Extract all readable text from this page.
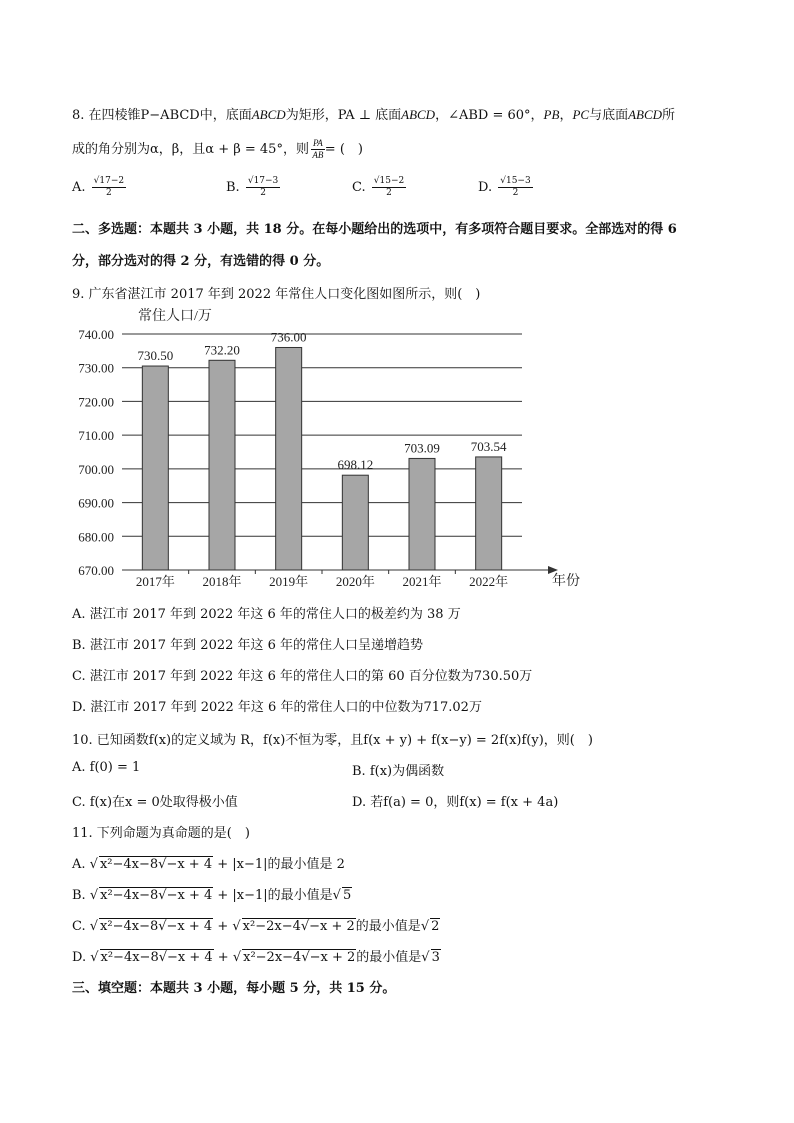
8. 在四棱锥P−ABCD中，底面ABCD为矩形，PA ⊥ 底面ABCD，∠ABD = 60°，PB，PC与底面ABCD所
成的角分别为α，β，且α + β = 45°，则 $\frac{PA}{AB}$ = (　)
A. $\frac{√17-2}{2}$	B. $\frac{√17-3}{2}$	C. $\frac{√15-2}{2}$	D. $\frac{√15-3}{2}$
二、多选题：本题共 3 小题，共 18 分。在每小题给出的选项中，有多项符合题目要求。全部选对的得 6
分，部分选对的得 2 分，有选错的得 0 分。
9. 广东省湛江市 2017 年到 2022 年常住人口变化图如图所示，则(　)
670.00
680.00
690.00
700.00
710.00
720.00
730.00
740.00
2017年 2018年 2019年 2020年 2021年 2022年
730.50 732.20
736.00
698.12
703.09 703.54
常住人口/万
年份
A. 湛江市 2017 年到 2022 年这 6 年的常住人口的极差约为 38 万
B. 湛江市 2017 年到 2022 年这 6 年的常住人口呈递增趋势
C. 湛江市 2017 年到 2022 年这 6 年的常住人口的第 60 百分位数为730.50万
D. 湛江市 2017 年到 2022 年这 6 年的常住人口的中位数为717.02万
10. 已知函数f(x)的定义域为 R，f(x)不恒为零，且f(x + y) + f(x−y) = 2f(x)f(y)，则(　)
A. f(0) = 1	B. f(x)为偶函数
C. f(x)在x = 0处取得极小值	D. 若f(a) = 0，则f(x) = f(x + 4a)
11. 下列命题为真命题的是(　)
A. √ x²−4x−8√−x + 4 + |x−1|的最小值是 2
B. √ x²−4x−8√−x + 4 + |x−1|的最小值是√ 5
C. √ x²−4x−8√−x + 4 + √ x²−2x−4√−x + 2的最小值是√ 2
D. √ x²−4x−8√−x + 4 + √ x²−2x−4√−x + 2的最小值是√ 3
三、填空题：本题共 3 小题，每小题 5 分，共 15 分。
